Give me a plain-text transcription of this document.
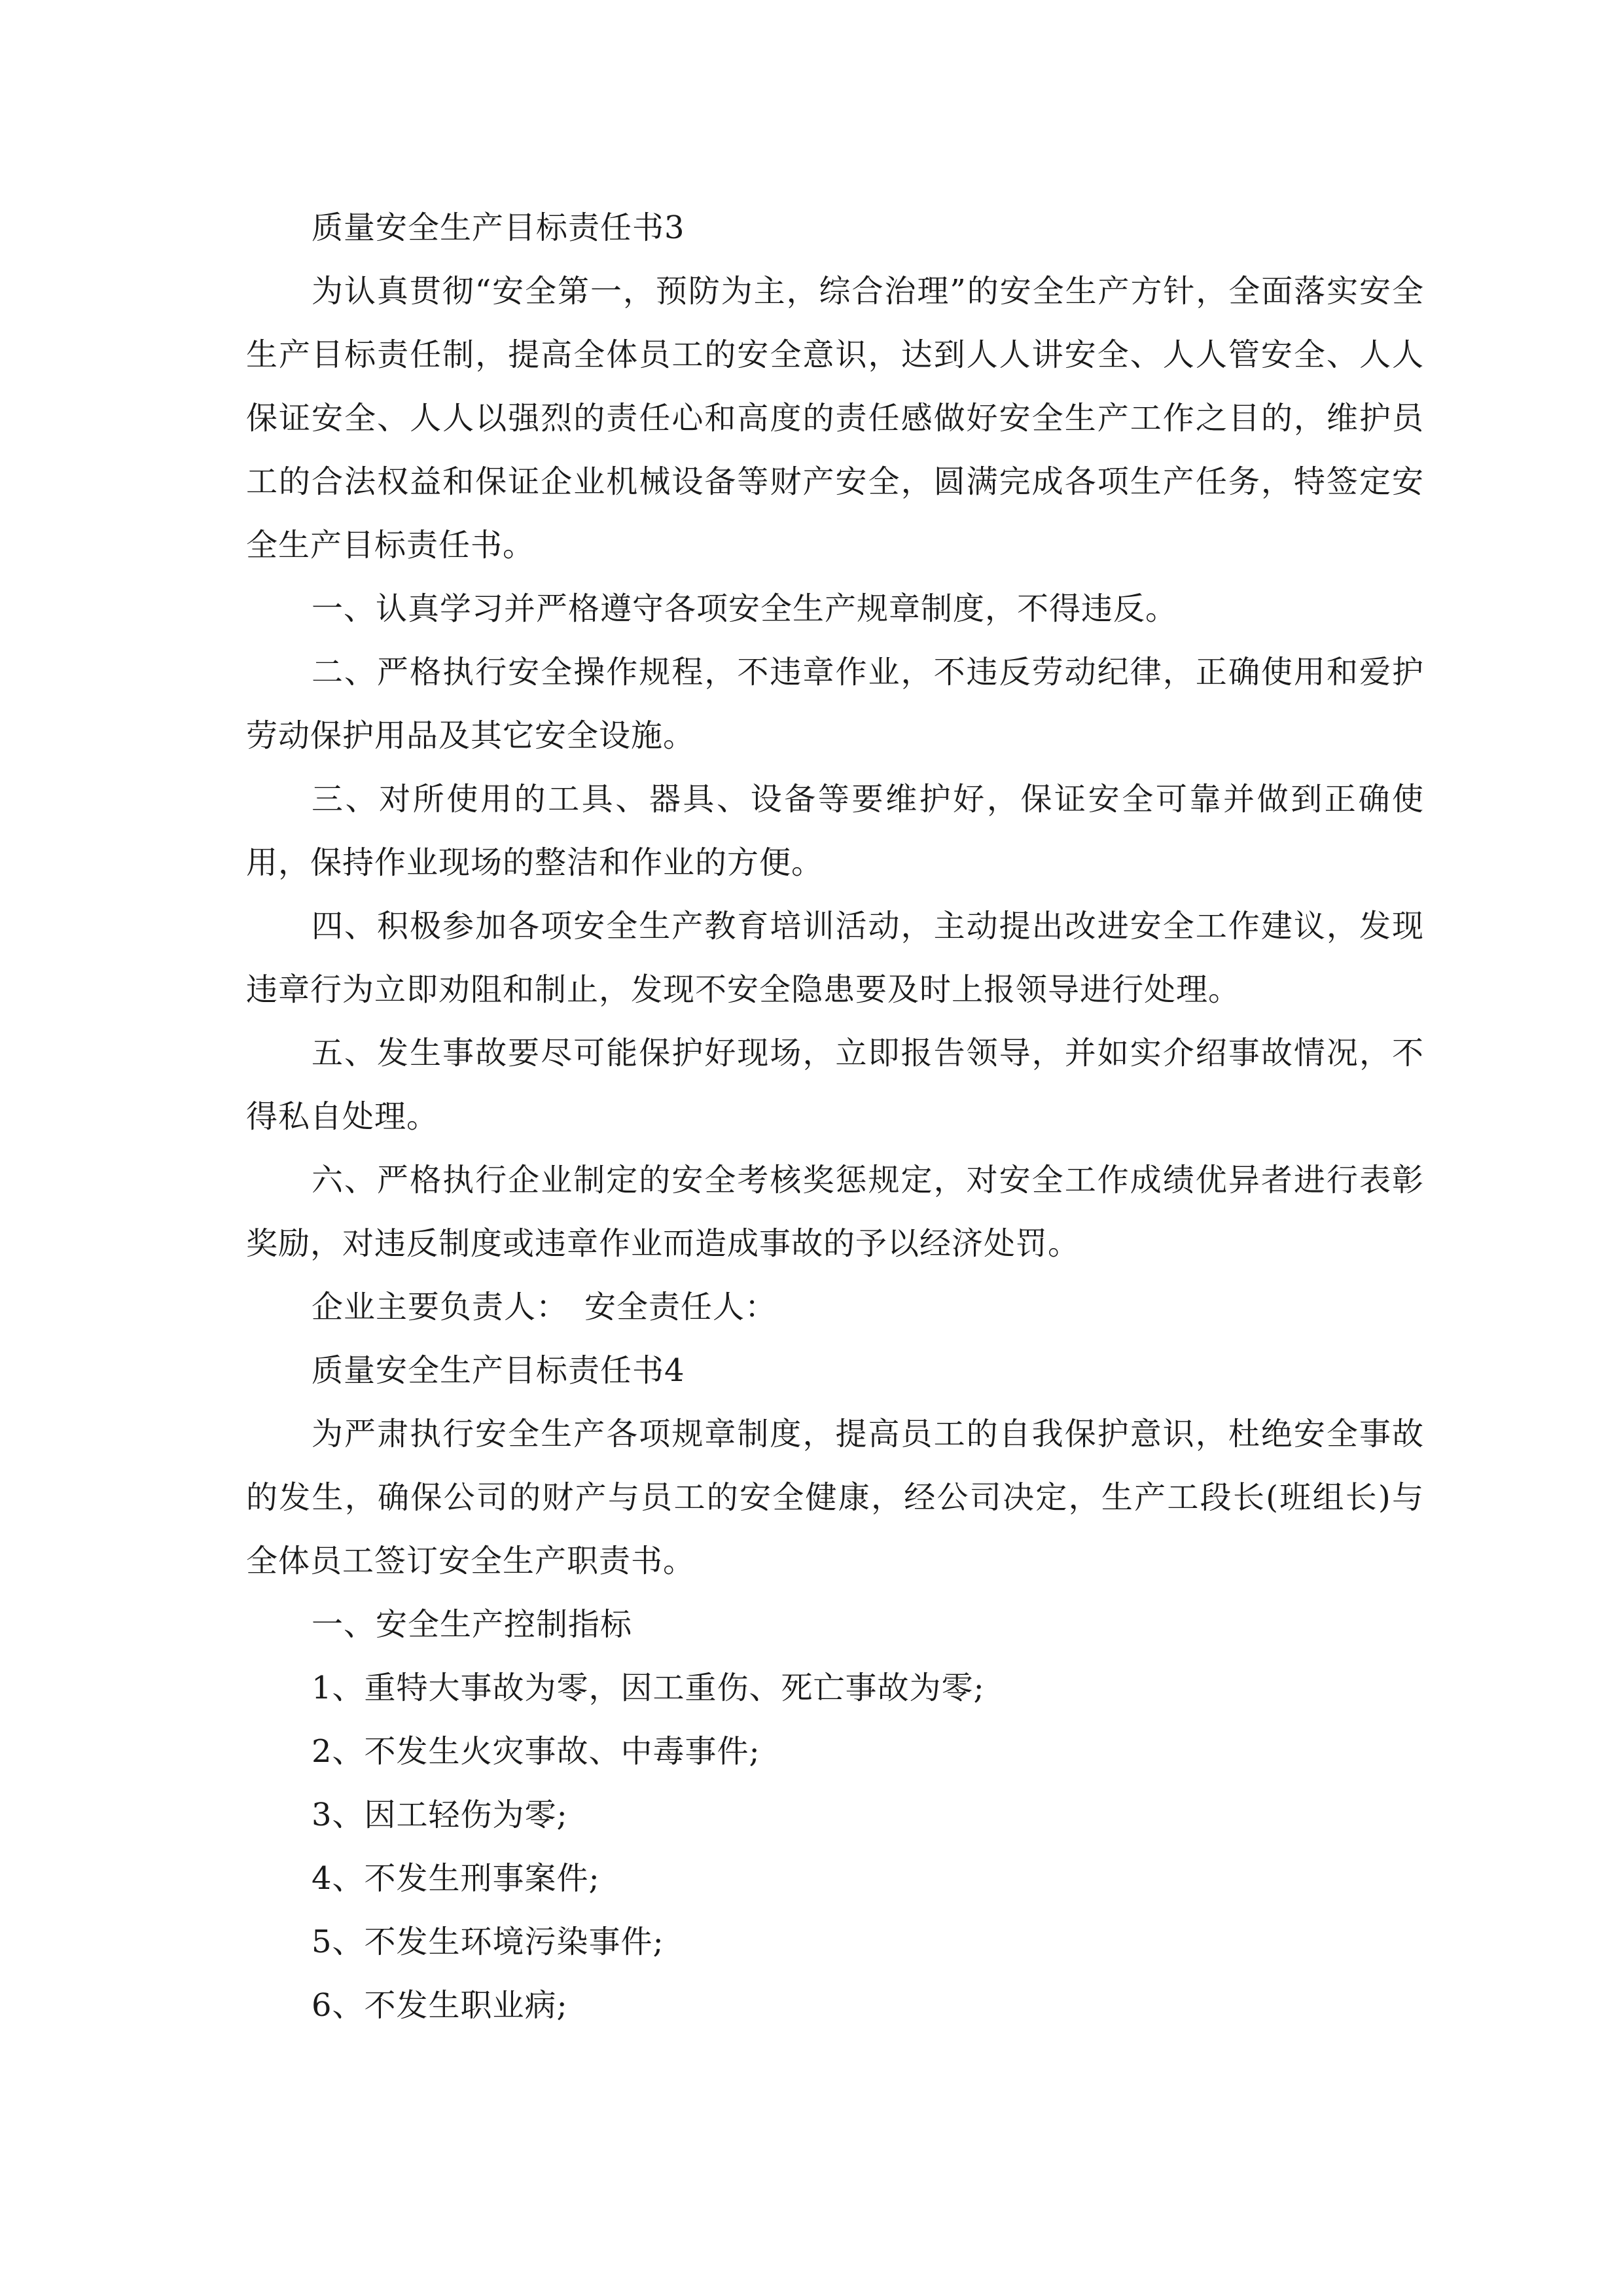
质量安全生产目标责任书3

为认真贯彻“安全第一，预防为主，综合治理”的安全生产方针，全面落实安全生产目标责任制，提高全体员工的安全意识，达到人人讲安全、人人管安全、人人保证安全、人人以强烈的责任心和高度的责任感做好安全生产工作之目的，维护员工的合法权益和保证企业机械设备等财产安全，圆满完成各项生产任务，特签定安全生产目标责任书。

一、认真学习并严格遵守各项安全生产规章制度，不得违反。

二、严格执行安全操作规程，不违章作业，不违反劳动纪律，正确使用和爱护劳动保护用品及其它安全设施。

三、对所使用的工具、器具、设备等要维护好，保证安全可靠并做到正确使用，保持作业现场的整洁和作业的方便。

四、积极参加各项安全生产教育培训活动，主动提出改进安全工作建议，发现违章行为立即劝阻和制止，发现不安全隐患要及时上报领导进行处理。

五、发生事故要尽可能保护好现场，立即报告领导，并如实介绍事故情况，不得私自处理。

六、严格执行企业制定的安全考核奖惩规定，对安全工作成绩优异者进行表彰奖励，对违反制度或违章作业而造成事故的予以经济处罚。

企业主要负责人：　安全责任人：

质量安全生产目标责任书4

为严肃执行安全生产各项规章制度，提高员工的自我保护意识，杜绝安全事故的发生，确保公司的财产与员工的安全健康，经公司决定，生产工段长(班组长)与全体员工签订安全生产职责书。

一、安全生产控制指标

1、重特大事故为零，因工重伤、死亡事故为零;

2、不发生火灾事故、中毒事件;

3、因工轻伤为零;

4、不发生刑事案件;

5、不发生环境污染事件;

6、不发生职业病;
